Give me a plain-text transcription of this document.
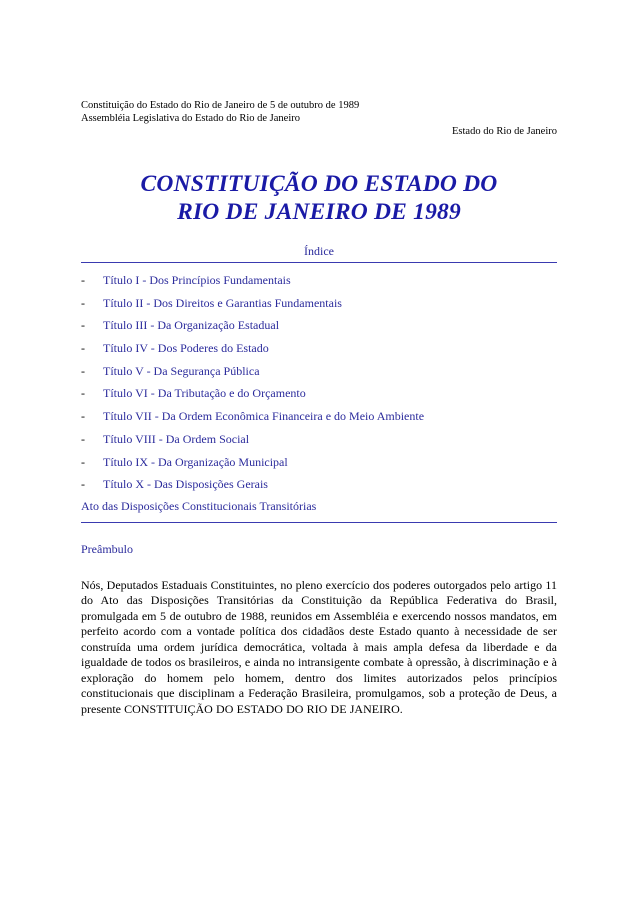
Constituição do Estado do Rio de Janeiro de 5 de outubro de 1989
Assembléia Legislativa do Estado do Rio de Janeiro
Estado do Rio de Janeiro
CONSTITUIÇÃO DO ESTADO DO
RIO DE JANEIRO DE 1989
Índice
- Título I - Dos Princípios Fundamentais
- Título II - Dos Direitos e Garantias Fundamentais
- Título III - Da Organização Estadual
- Título IV - Dos Poderes do Estado
- Título V - Da Segurança Pública
- Título VI - Da Tributação e do Orçamento
- Título VII - Da Ordem Econômica Financeira e do Meio Ambiente
- Título VIII - Da Ordem Social
- Título IX - Da Organização Municipal
- Título X - Das Disposições Gerais
Ato das Disposições Constitucionais Transitórias
Preâmbulo
Nós, Deputados Estaduais Constituintes, no pleno exercício dos poderes outorgados pelo artigo 11 do Ato das Disposições Transitórias da Constituição da República Federativa do Brasil, promulgada em 5 de outubro de 1988, reunidos em Assembléia e exercendo nossos mandatos, em perfeito acordo com a vontade política dos cidadãos deste Estado quanto à necessidade de ser construída uma ordem jurídica democrática, voltada à mais ampla defesa da liberdade e da igualdade de todos os brasileiros, e ainda no intransigente combate à opressão, à discriminação e à exploração do homem pelo homem, dentro dos limites autorizados pelos princípios constitucionais que disciplinam a Federação Brasileira, promulgamos, sob a proteção de Deus, a presente CONSTITUIÇÃO DO ESTADO DO RIO DE JANEIRO.
